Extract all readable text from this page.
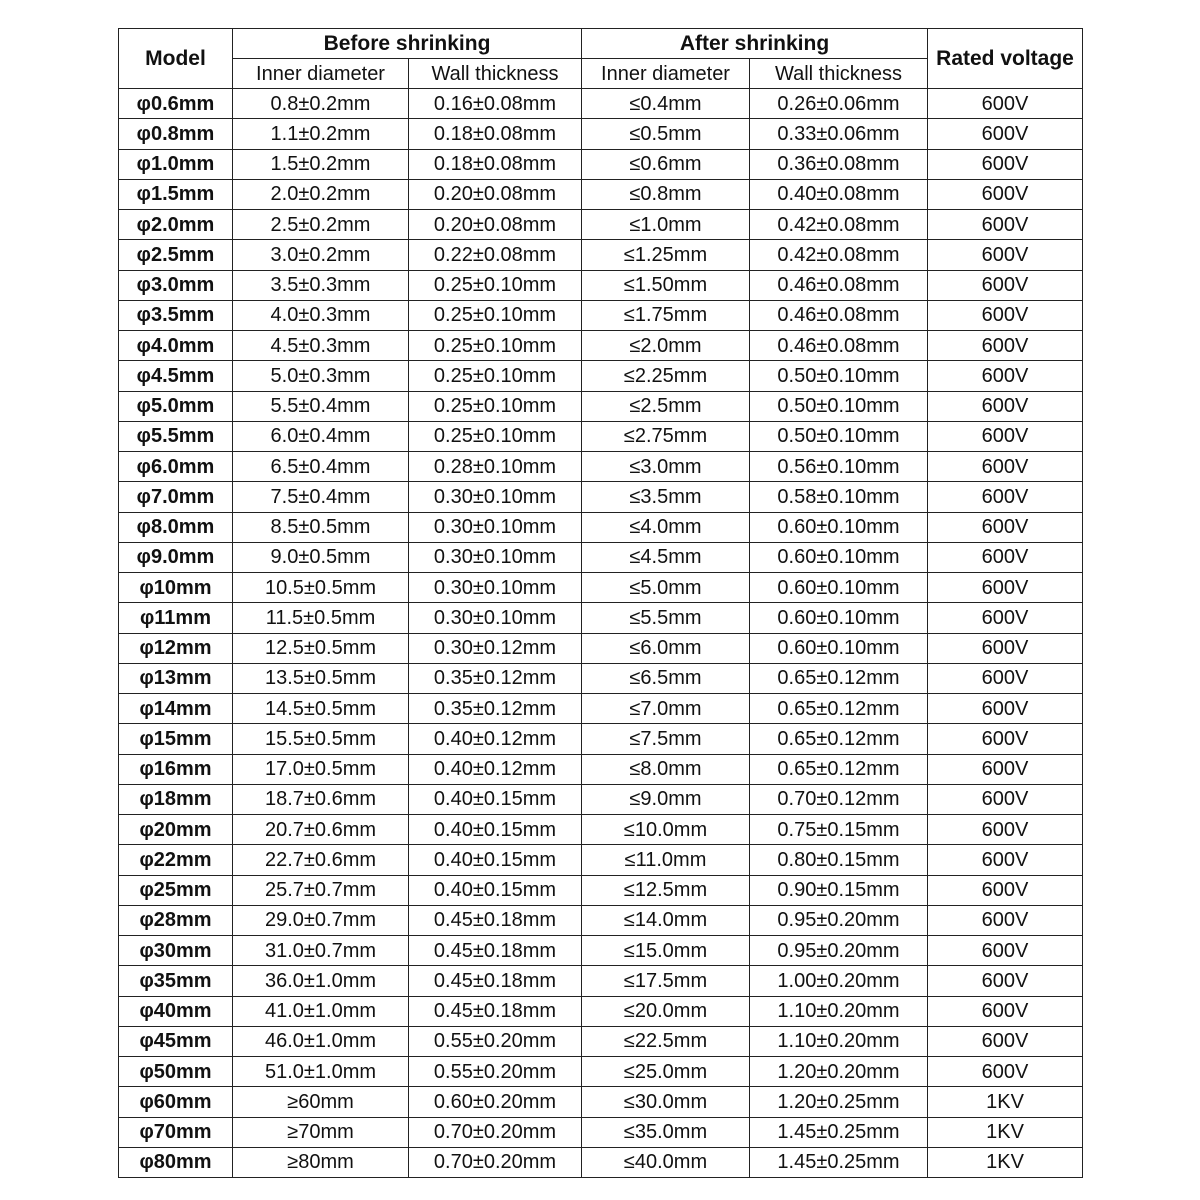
Model	Before shrinking		After shrinking		Rated voltage
	Inner diameter	Wall thickness	Inner diameter	Wall thickness	
φ0.6mm	0.8±0.2mm	0.16±0.08mm	≤0.4mm	0.26±0.06mm	600V
φ0.8mm	1.1±0.2mm	0.18±0.08mm	≤0.5mm	0.33±0.06mm	600V
φ1.0mm	1.5±0.2mm	0.18±0.08mm	≤0.6mm	0.36±0.08mm	600V
φ1.5mm	2.0±0.2mm	0.20±0.08mm	≤0.8mm	0.40±0.08mm	600V
φ2.0mm	2.5±0.2mm	0.20±0.08mm	≤1.0mm	0.42±0.08mm	600V
φ2.5mm	3.0±0.2mm	0.22±0.08mm	≤1.25mm	0.42±0.08mm	600V
φ3.0mm	3.5±0.3mm	0.25±0.10mm	≤1.50mm	0.46±0.08mm	600V
φ3.5mm	4.0±0.3mm	0.25±0.10mm	≤1.75mm	0.46±0.08mm	600V
φ4.0mm	4.5±0.3mm	0.25±0.10mm	≤2.0mm	0.46±0.08mm	600V
φ4.5mm	5.0±0.3mm	0.25±0.10mm	≤2.25mm	0.50±0.10mm	600V
φ5.0mm	5.5±0.4mm	0.25±0.10mm	≤2.5mm	0.50±0.10mm	600V
φ5.5mm	6.0±0.4mm	0.25±0.10mm	≤2.75mm	0.50±0.10mm	600V
φ6.0mm	6.5±0.4mm	0.28±0.10mm	≤3.0mm	0.56±0.10mm	600V
φ7.0mm	7.5±0.4mm	0.30±0.10mm	≤3.5mm	0.58±0.10mm	600V
φ8.0mm	8.5±0.5mm	0.30±0.10mm	≤4.0mm	0.60±0.10mm	600V
φ9.0mm	9.0±0.5mm	0.30±0.10mm	≤4.5mm	0.60±0.10mm	600V
φ10mm	10.5±0.5mm	0.30±0.10mm	≤5.0mm	0.60±0.10mm	600V
φ11mm	11.5±0.5mm	0.30±0.10mm	≤5.5mm	0.60±0.10mm	600V
φ12mm	12.5±0.5mm	0.30±0.12mm	≤6.0mm	0.60±0.10mm	600V
φ13mm	13.5±0.5mm	0.35±0.12mm	≤6.5mm	0.65±0.12mm	600V
φ14mm	14.5±0.5mm	0.35±0.12mm	≤7.0mm	0.65±0.12mm	600V
φ15mm	15.5±0.5mm	0.40±0.12mm	≤7.5mm	0.65±0.12mm	600V
φ16mm	17.0±0.5mm	0.40±0.12mm	≤8.0mm	0.65±0.12mm	600V
φ18mm	18.7±0.6mm	0.40±0.15mm	≤9.0mm	0.70±0.12mm	600V
φ20mm	20.7±0.6mm	0.40±0.15mm	≤10.0mm	0.75±0.15mm	600V
φ22mm	22.7±0.6mm	0.40±0.15mm	≤11.0mm	0.80±0.15mm	600V
φ25mm	25.7±0.7mm	0.40±0.15mm	≤12.5mm	0.90±0.15mm	600V
φ28mm	29.0±0.7mm	0.45±0.18mm	≤14.0mm	0.95±0.20mm	600V
φ30mm	31.0±0.7mm	0.45±0.18mm	≤15.0mm	0.95±0.20mm	600V
φ35mm	36.0±1.0mm	0.45±0.18mm	≤17.5mm	1.00±0.20mm	600V
φ40mm	41.0±1.0mm	0.45±0.18mm	≤20.0mm	1.10±0.20mm	600V
φ45mm	46.0±1.0mm	0.55±0.20mm	≤22.5mm	1.10±0.20mm	600V
φ50mm	51.0±1.0mm	0.55±0.20mm	≤25.0mm	1.20±0.20mm	600V
φ60mm	≥60mm	0.60±0.20mm	≤30.0mm	1.20±0.25mm	1KV
φ70mm	≥70mm	0.70±0.20mm	≤35.0mm	1.45±0.25mm	1KV
φ80mm	≥80mm	0.70±0.20mm	≤40.0mm	1.45±0.25mm	1KV
